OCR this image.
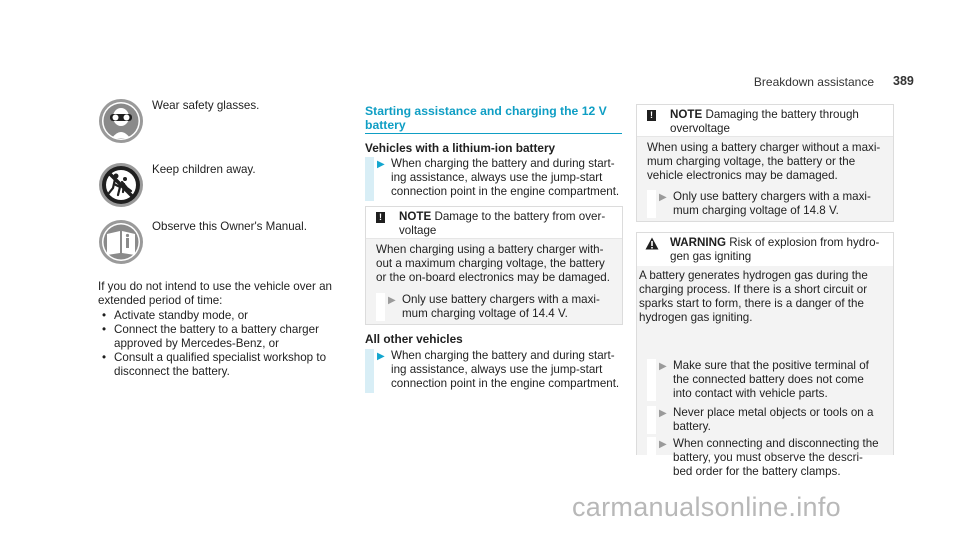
Breakdown assistance 389
Wear safety glasses.
Keep children away.
Observe this Owner's Manual.
If you do not intend to use the vehicle over an
extended period of time:
• Activate standby mode, or
• Connect the battery to a battery charger
approved by Mercedes-Benz, or
• Consult a qualified specialist workshop to
disconnect the battery.
Starting assistance and charging the 12 V
battery
Vehicles with a lithium-ion battery
▶ When charging the battery and during start-
ing assistance, always use the jump-start
connection point in the engine compartment.
! NOTE Damage to the battery from over-
voltage
When charging using a battery charger with-
out a maximum charging voltage, the battery
or the on-board electronics may be damaged.
▶ Only use battery chargers with a maxi-
mum charging voltage of 14.4 V.
All other vehicles
▶ When charging the battery and during start-
ing assistance, always use the jump-start
connection point in the engine compartment.
! NOTE Damaging the battery through
overvoltage
When using a battery charger without a maxi-
mum charging voltage, the battery or the
vehicle electronics may be damaged.
▶ Only use battery chargers with a maxi-
mum charging voltage of 14.8 V.
WARNING Risk of explosion from hydro-
gen gas igniting
A battery generates hydrogen gas during the
charging process. If there is a short circuit or
sparks start to form, there is a danger of the
hydrogen gas igniting.
▶ Make sure that the positive terminal of
the connected battery does not come
into contact with vehicle parts.
▶ Never place metal objects or tools on a
battery.
▶ When connecting and disconnecting the
battery, you must observe the descri-
bed order for the battery clamps.
carmanualsonline.info
